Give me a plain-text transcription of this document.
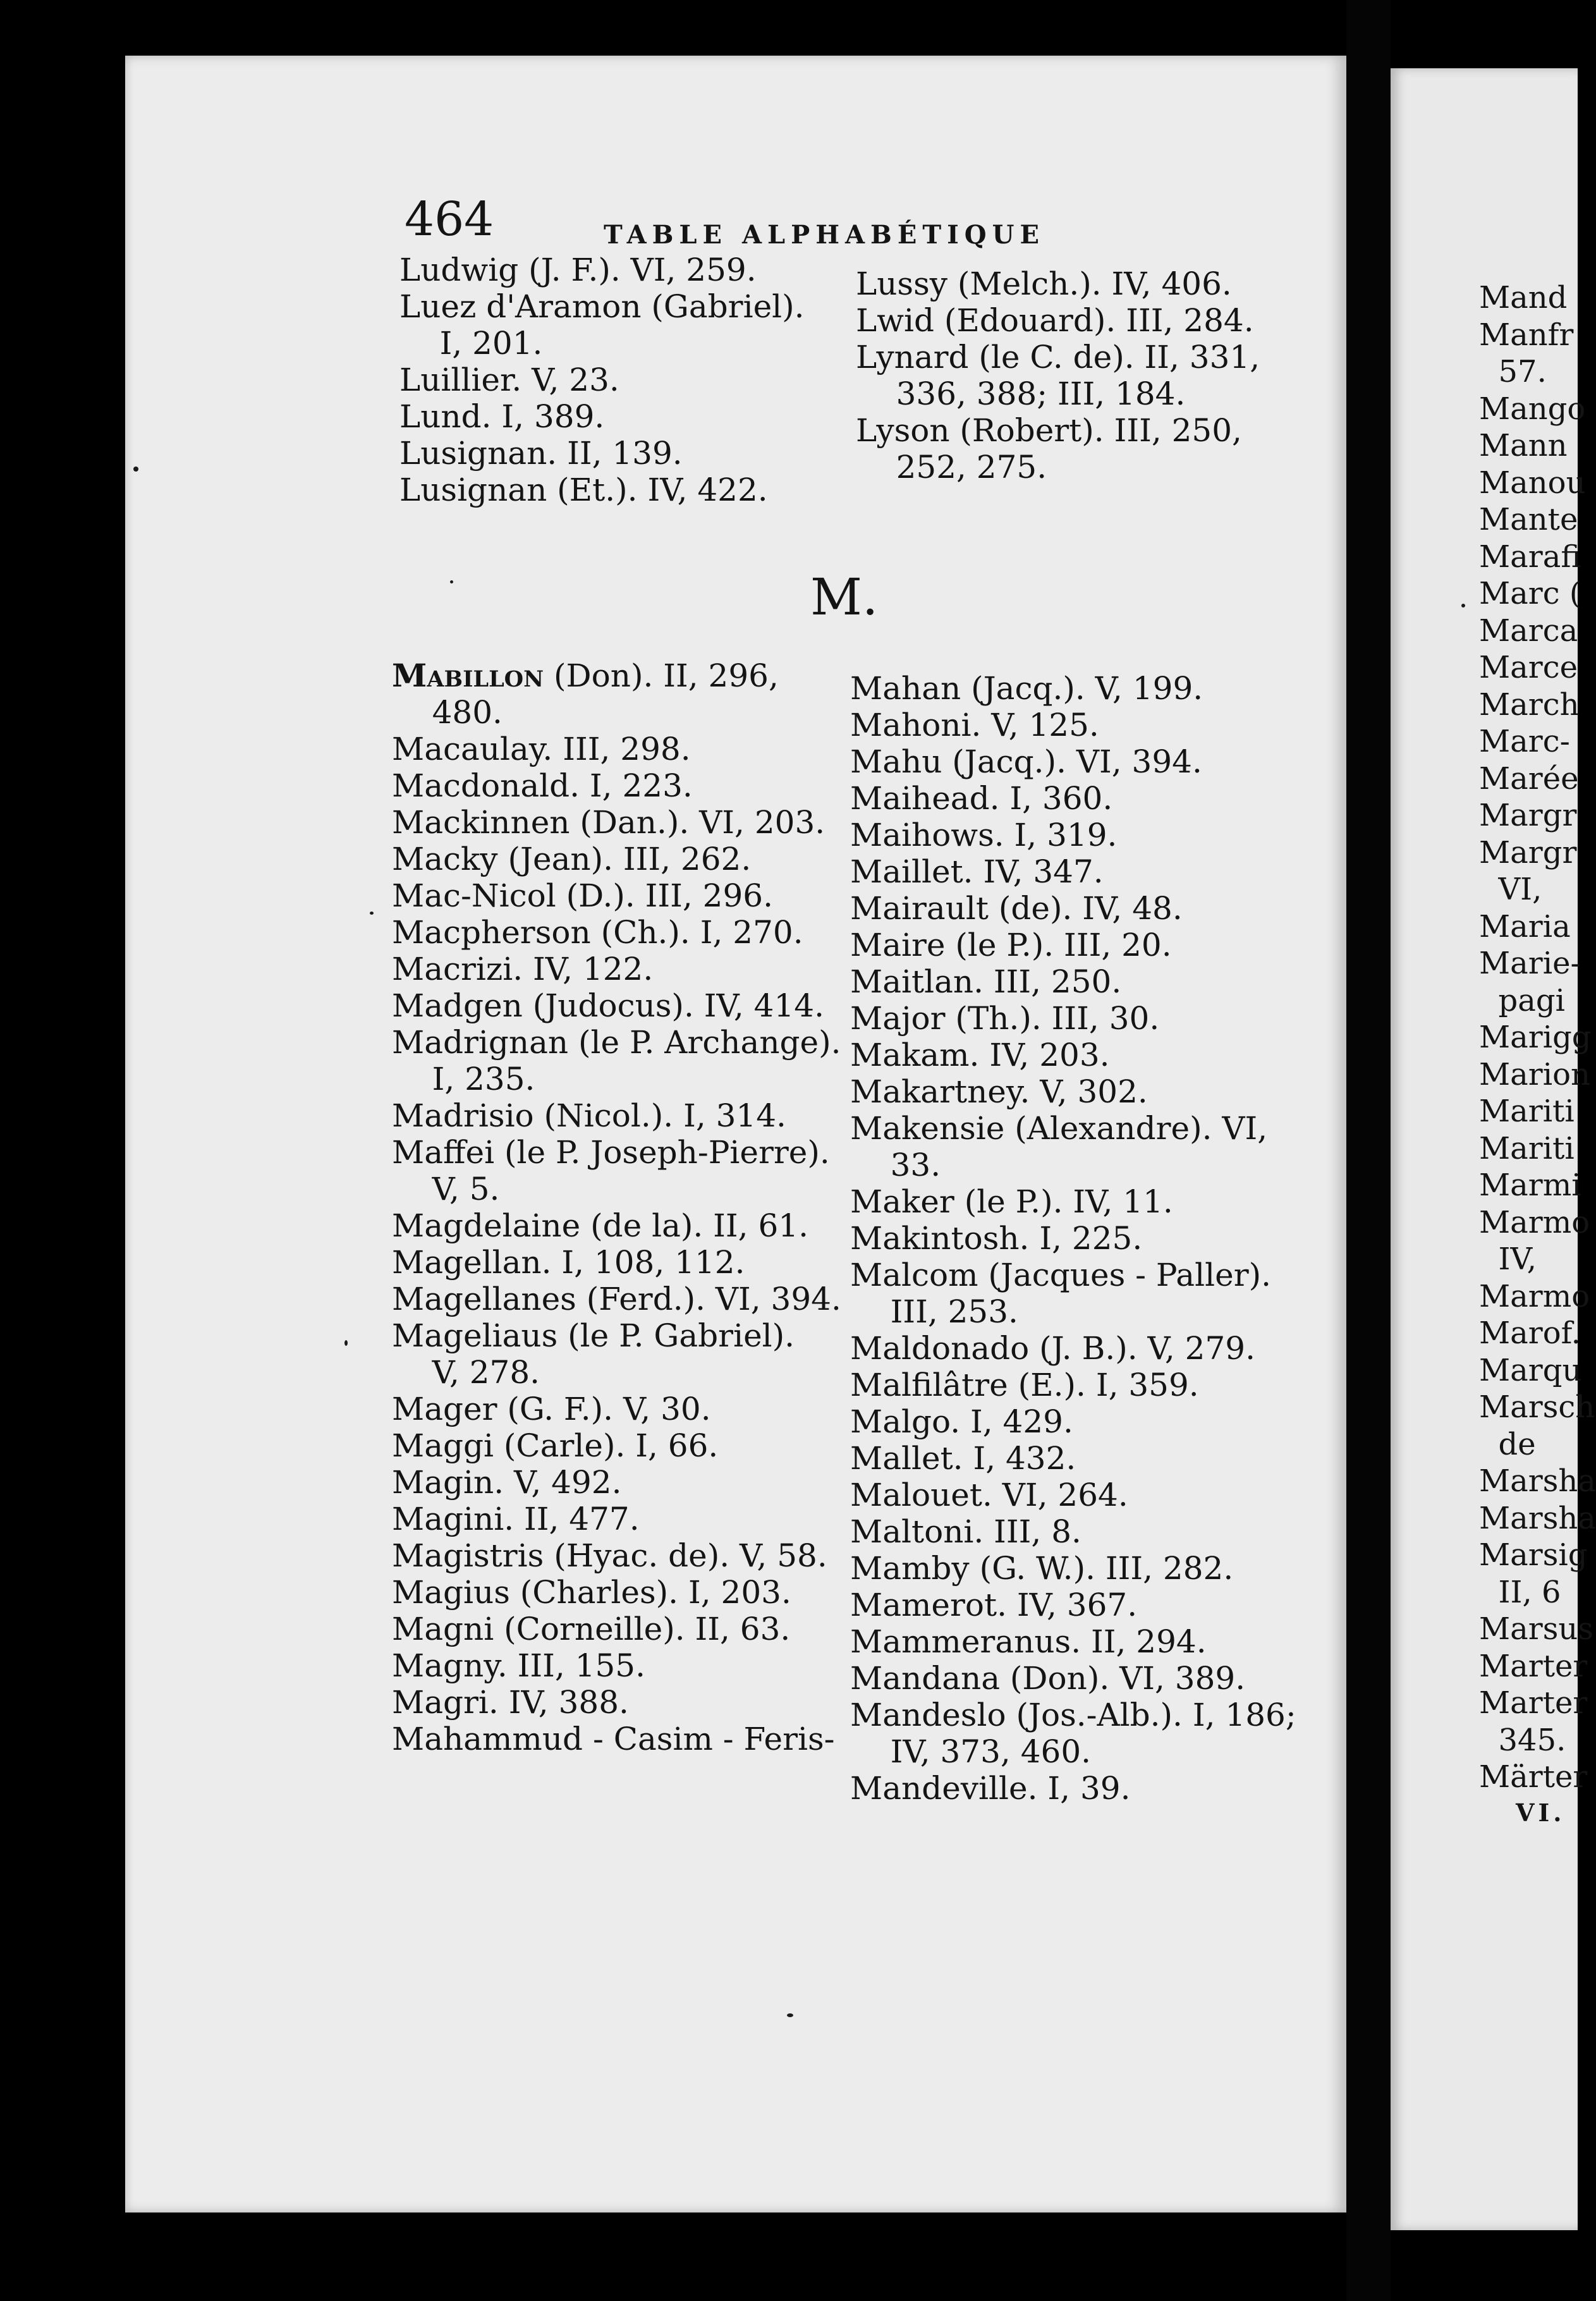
464	TABLE ALPHABÉTIQUE
Ludwig (J. F.). VI, 259.
Luez d'Aramon (Gabriel).
I, 201.
Luillier. V, 23.
Lund. I, 389.
Lusignan. II, 139.
Lusignan (Et.). IV, 422.
Lussy (Melch.). IV, 406.
Lwid (Edouard). III, 284.
Lynard (le C. de). II, 331,
336, 388; III, 184.
Lyson (Robert). III, 250,
252, 275.
M.
Mabillon (Don). II, 296,
480.
Macaulay. III, 298.
Macdonald. I, 223.
Mackinnen (Dan.). VI, 203.
Macky (Jean). III, 262.
Mac-Nicol (D.). III, 296.
Macpherson (Ch.). I, 270.
Macrizi. IV, 122.
Madgen (Judocus). IV, 414.
Madrignan (le P. Archange).
I, 235.
Madrisio (Nicol.). I, 314.
Maffei (le P. Joseph-Pierre).
V, 5.
Magdelaine (de la). II, 61.
Magellan. I, 108, 112.
Magellanes (Ferd.). VI, 394.
Mageliaus (le P. Gabriel).
V, 278.
Mager (G. F.). V, 30.
Maggi (Carle). I, 66.
Magin. V, 492.
Magini. II, 477.
Magistris (Hyac. de). V, 58.
Magius (Charles). I, 203.
Magni (Corneille). II, 63.
Magny. III, 155.
Magri. IV, 388.
Mahammud - Casim - Feris-
Mahan (Jacq.). V, 199.
Mahoni. V, 125.
Mahu (Jacq.). VI, 394.
Maihead. I, 360.
Maihows. I, 319.
Maillet. IV, 347.
Mairault (de). IV, 48.
Maire (le P.). III, 20.
Maitlan. III, 250.
Major (Th.). III, 30.
Makam. IV, 203.
Makartney. V, 302.
Makensie (Alexandre). VI,
33.
Maker (le P.). IV, 11.
Makintosh. I, 225.
Malcom (Jacques - Paller).
III, 253.
Maldonado (J. B.). V, 279.
Malfilâtre (E.). I, 359.
Malgo. I, 429.
Mallet. I, 432.
Malouet. VI, 264.
Maltoni. III, 8.
Mamby (G. W.). III, 282.
Mamerot. IV, 367.
Mammeranus. II, 294.
Mandana (Don). VI, 389.
Mandeslo (Jos.-Alb.). I, 186;
IV, 373, 460.
Mandeville. I, 39.
Mand
Manfr
57.
Mango
Mann
Manou
Mante
Marafi
Marc (
Marca
Marce
March
Marc-
Marée
Margr
Margr
VI,
Maria
Marie-
pagi
Marigg
Marion
Mariti
Mariti
Marmi
Marmo
IV,
Marmo
Marof.
Marqu
Marsch
de
Marsha
Marsha
Marsig
II, 6
Marsus
Marter
Marter
345.
Märter
VI.
